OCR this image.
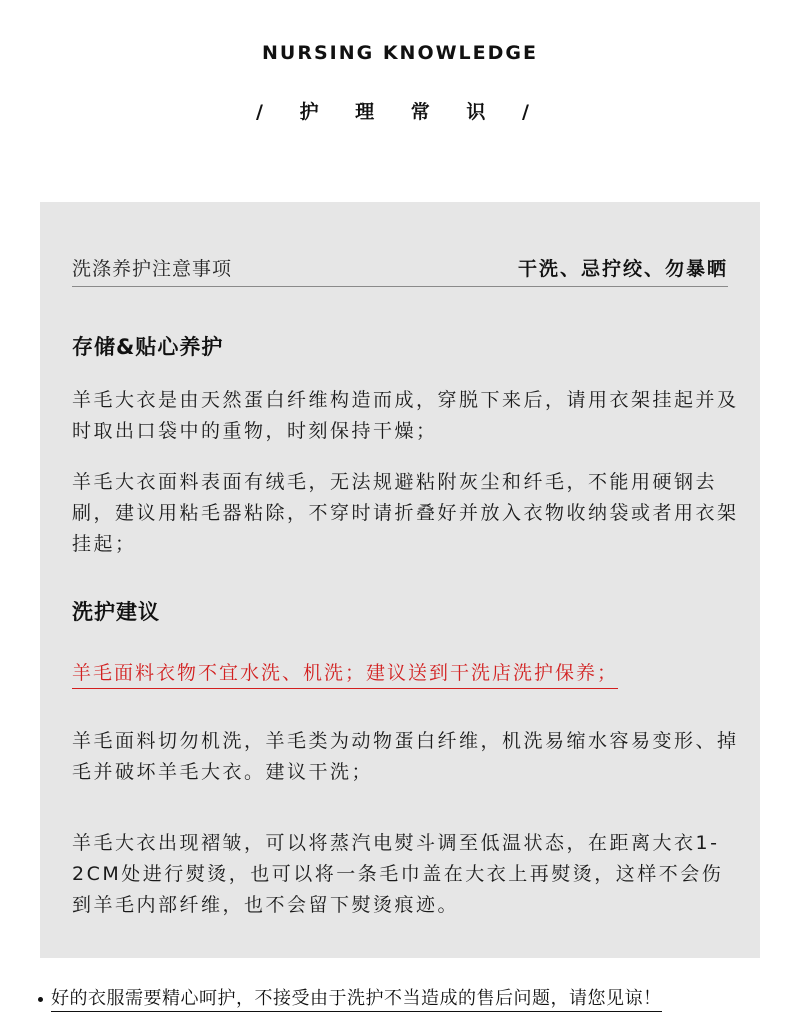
NURSING KNOWLEDGE
/ 护 理 常 识 /
洗涤养护注意事项	干洗、忌拧绞、勿暴晒
存储&贴心养护

羊毛大衣是由天然蛋白纤维构造而成，穿脱下来后，请用衣架挂起并及时取出口袋中的重物，时刻保持干燥；

羊毛大衣面料表面有绒毛，无法规避粘附灰尘和纤毛，不能用硬钢去刷，建议用粘毛器粘除，不穿时请折叠好并放入衣物收纳袋或者用衣架挂起；

洗护建议
羊毛面料衣物不宜水洗、机洗；建议送到干洗店洗护保养；

羊毛面料切勿机洗，羊毛类为动物蛋白纤维，机洗易缩水容易变形、掉毛并破坏羊毛大衣。建议干洗；

羊毛大衣出现褶皱，可以将蒸汽电熨斗调至低温状态，在距离大衣1-2CM处进行熨烫，也可以将一条毛巾盖在大衣上再熨烫，这样不会伤到羊毛内部纤维，也不会留下熨烫痕迹。

好的衣服需要精心呵护，不接受由于洗护不当造成的售后问题，请您见谅！
